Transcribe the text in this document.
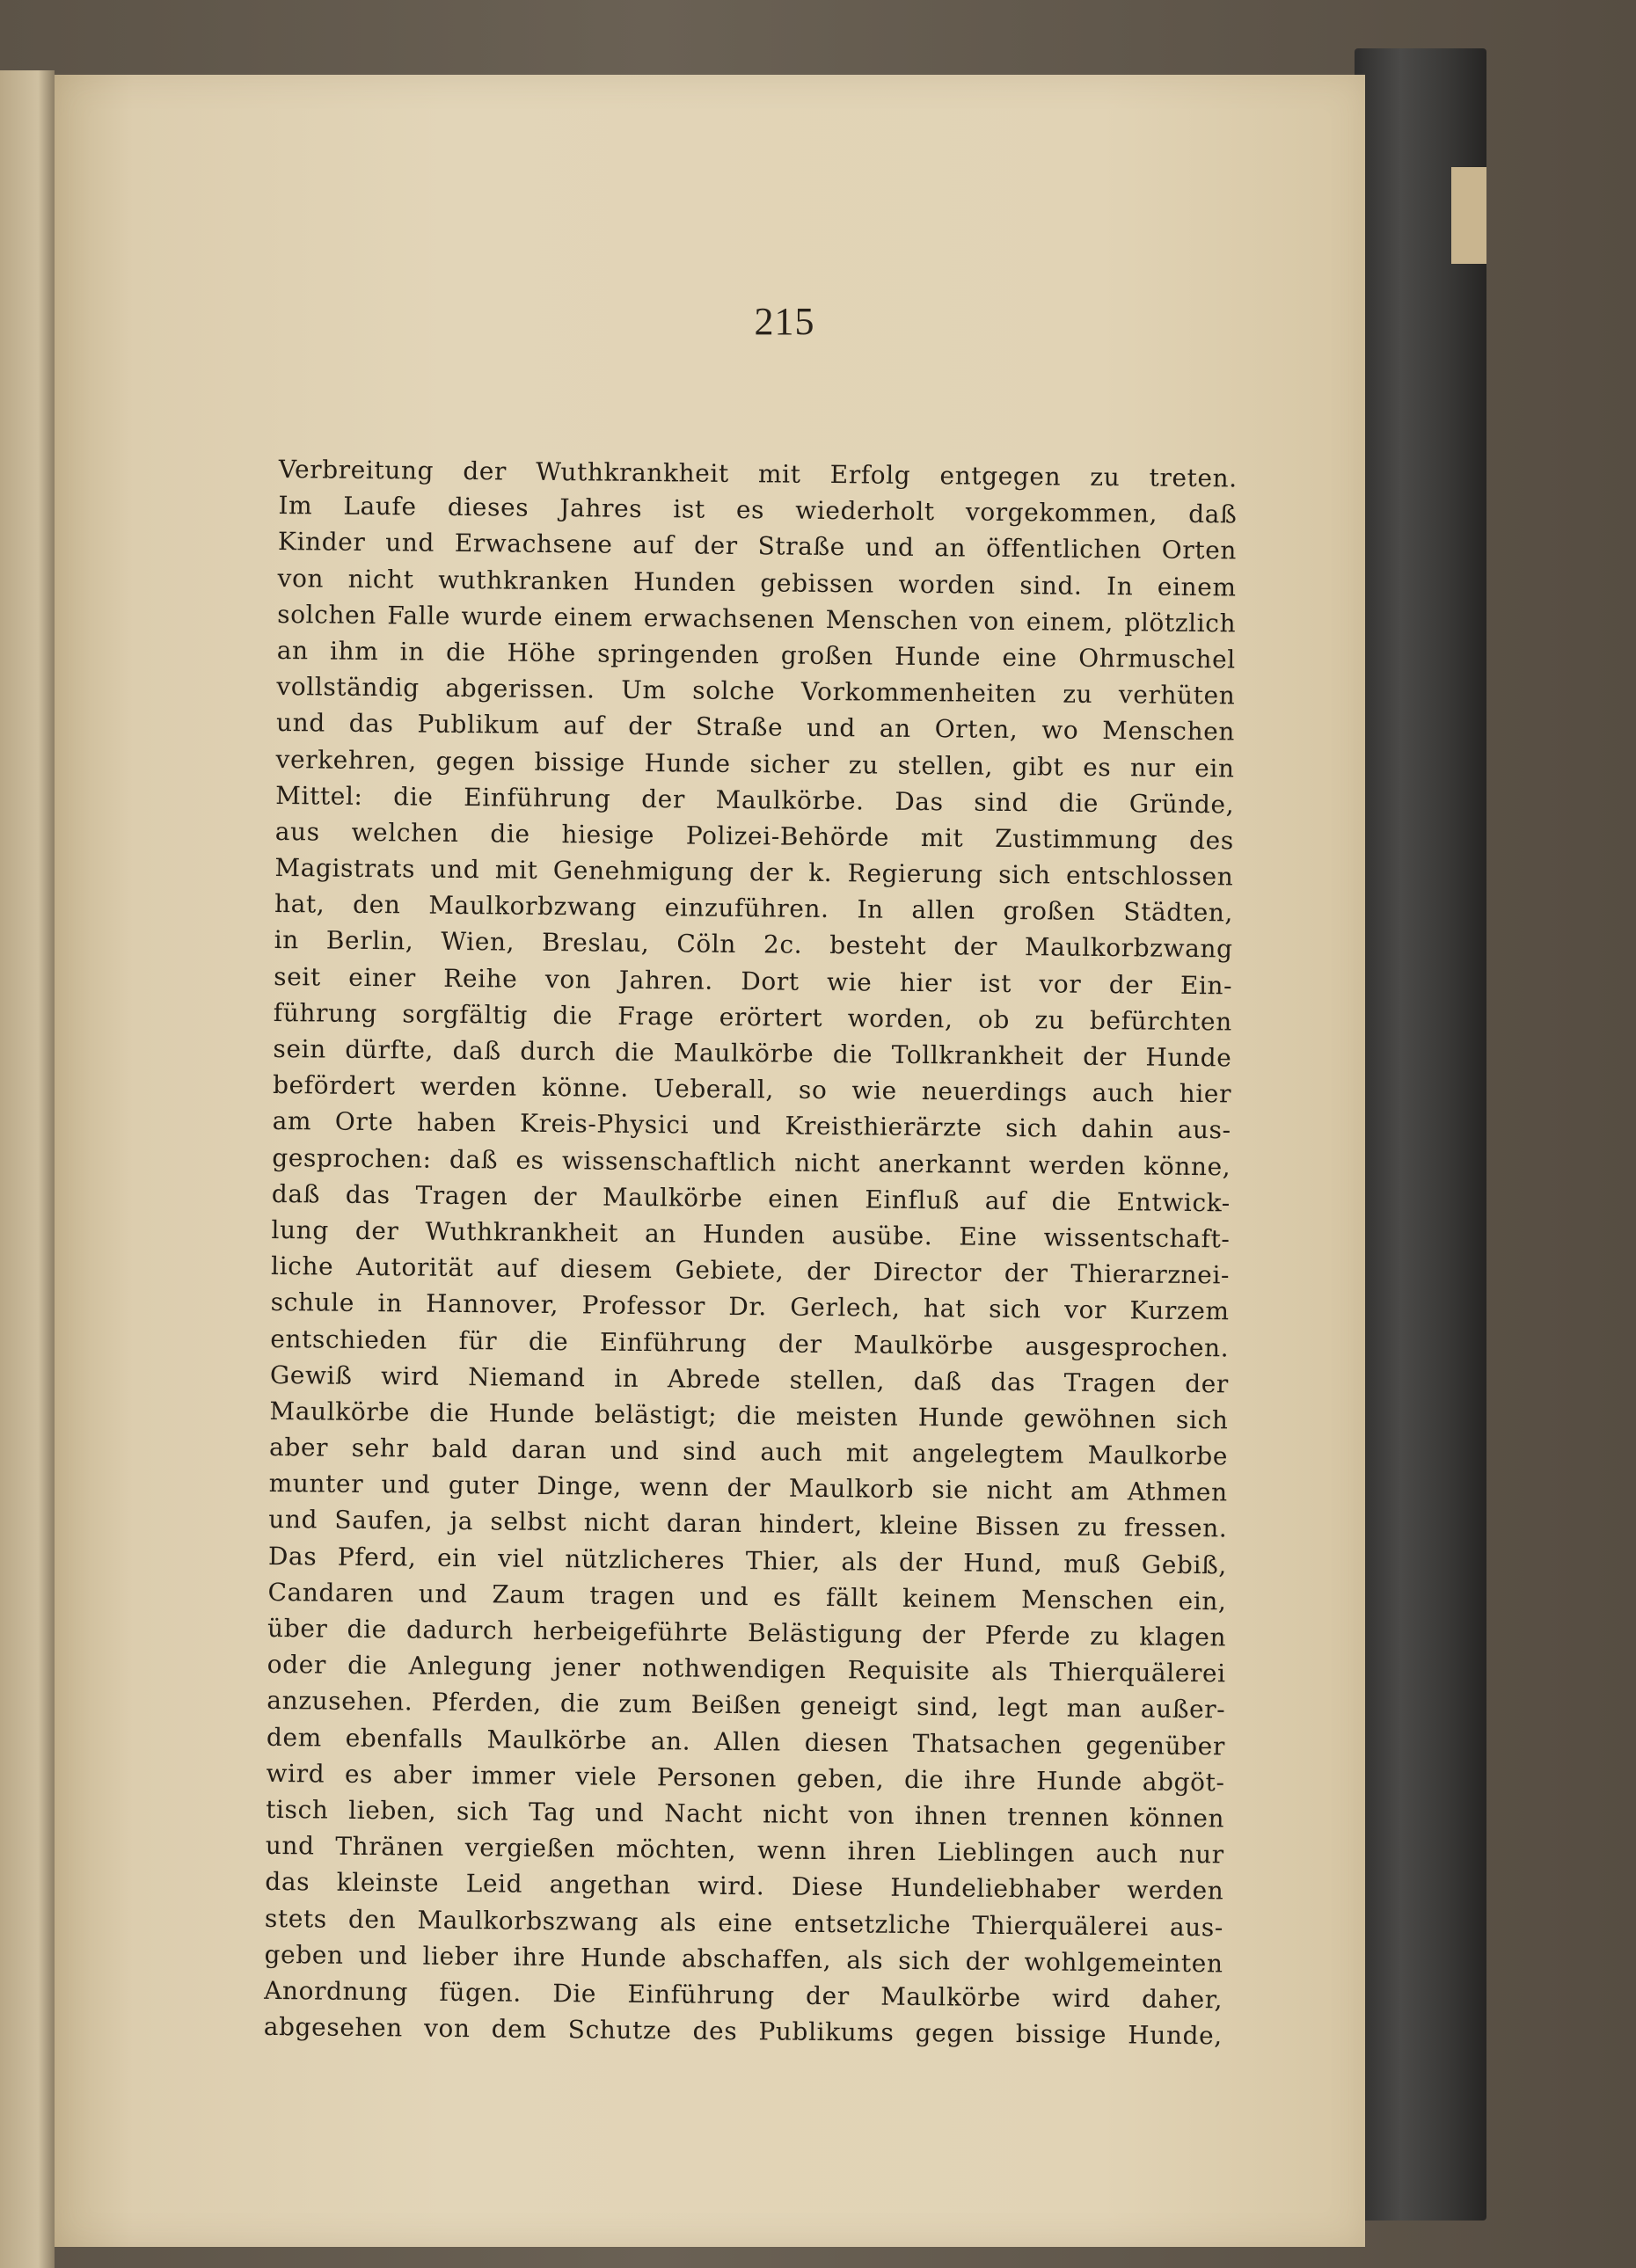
215
Verbreitung der Wuthkrankheit mit Erfolg entgegen zu treten.
Im Laufe dieses Jahres ist es wiederholt vorgekommen, daß
Kinder und Erwachsene auf der Straße und an öffentlichen Orten
von nicht wuthkranken Hunden gebissen worden sind. In einem
solchen Falle wurde einem erwachsenen Menschen von einem, plötzlich
an ihm in die Höhe springenden großen Hunde eine Ohrmuschel
vollständig abgerissen. Um solche Vorkommenheiten zu verhüten
und das Publikum auf der Straße und an Orten, wo Menschen
verkehren, gegen bissige Hunde sicher zu stellen, gibt es nur ein
Mittel: die Einführung der Maulkörbe. Das sind die Gründe,
aus welchen die hiesige Polizei-Behörde mit Zustimmung des
Magistrats und mit Genehmigung der k. Regierung sich entschlossen
hat, den Maulkorbzwang einzuführen. In allen großen Städten,
in Berlin, Wien, Breslau, Cöln 2c. besteht der Maulkorbzwang
seit einer Reihe von Jahren. Dort wie hier ist vor der Ein-
führung sorgfältig die Frage erörtert worden, ob zu befürchten
sein dürfte, daß durch die Maulkörbe die Tollkrankheit der Hunde
befördert werden könne. Ueberall, so wie neuerdings auch hier
am Orte haben Kreis-Physici und Kreisthierärzte sich dahin aus-
gesprochen: daß es wissenschaftlich nicht anerkannt werden könne,
daß das Tragen der Maulkörbe einen Einfluß auf die Entwick-
lung der Wuthkrankheit an Hunden ausübe. Eine wissentschaft-
liche Autorität auf diesem Gebiete, der Director der Thierarznei-
schule in Hannover, Professor Dr. Gerlech, hat sich vor Kurzem
entschieden für die Einführung der Maulkörbe ausgesprochen.
Gewiß wird Niemand in Abrede stellen, daß das Tragen der
Maulkörbe die Hunde belästigt; die meisten Hunde gewöhnen sich
aber sehr bald daran und sind auch mit angelegtem Maulkorbe
munter und guter Dinge, wenn der Maulkorb sie nicht am Athmen
und Saufen, ja selbst nicht daran hindert, kleine Bissen zu fressen.
Das Pferd, ein viel nützlicheres Thier, als der Hund, muß Gebiß,
Candaren und Zaum tragen und es fällt keinem Menschen ein,
über die dadurch herbeigeführte Belästigung der Pferde zu klagen
oder die Anlegung jener nothwendigen Requisite als Thierquälerei
anzusehen. Pferden, die zum Beißen geneigt sind, legt man außer-
dem ebenfalls Maulkörbe an. Allen diesen Thatsachen gegenüber
wird es aber immer viele Personen geben, die ihre Hunde abgöt-
tisch lieben, sich Tag und Nacht nicht von ihnen trennen können
und Thränen vergießen möchten, wenn ihren Lieblingen auch nur
das kleinste Leid angethan wird. Diese Hundeliebhaber werden
stets den Maulkorbszwang als eine entsetzliche Thierquälerei aus-
geben und lieber ihre Hunde abschaffen, als sich der wohlgemeinten
Anordnung fügen. Die Einführung der Maulkörbe wird daher,
abgesehen von dem Schutze des Publikums gegen bissige Hunde,
